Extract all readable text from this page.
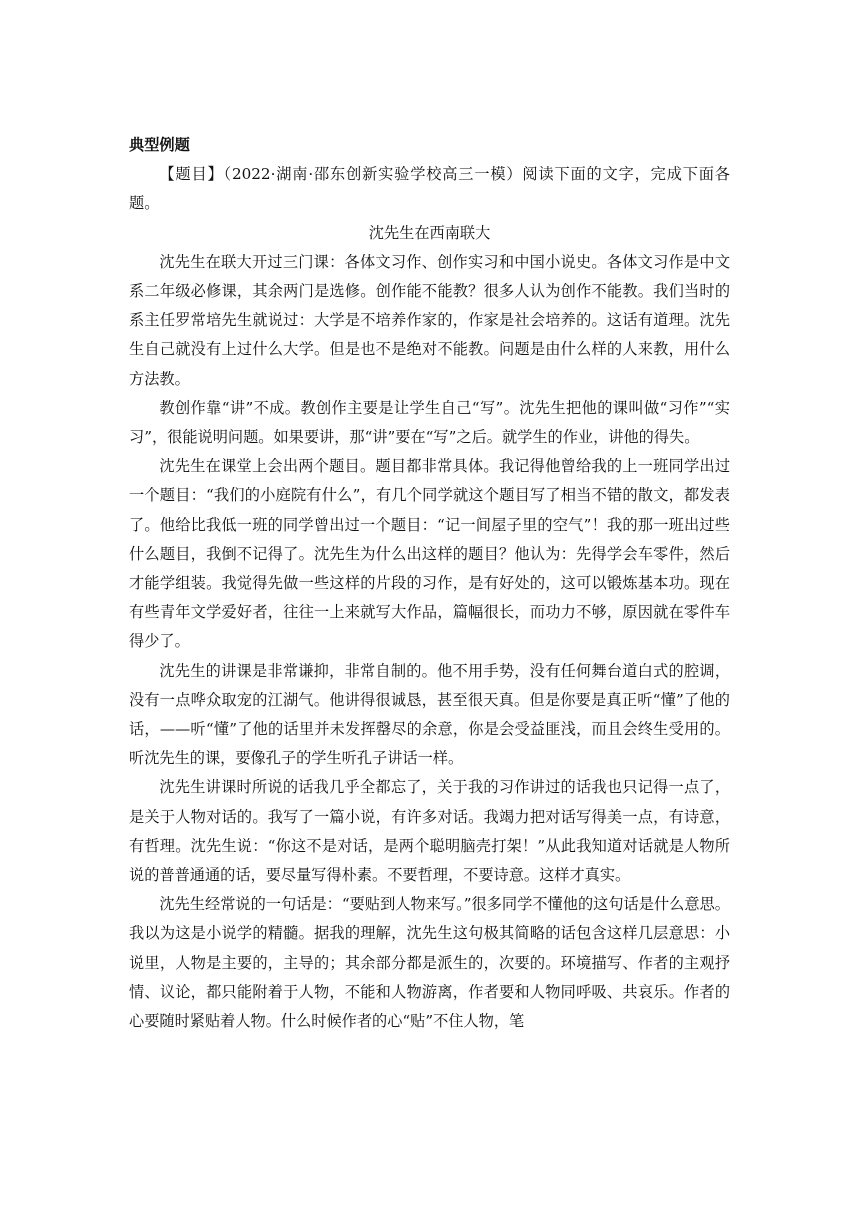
典型例题

【题目】（2022·湖南·邵东创新实验学校高三一模）阅读下面的文字，完成下面各题。

沈先生在西南联大

沈先生在联大开过三门课：各体文习作、创作实习和中国小说史。各体文习作是中文系二年级必修课，其余两门是选修。创作能不能教？很多人认为创作不能教。我们当时的系主任罗常培先生就说过：大学是不培养作家的，作家是社会培养的。这话有道理。沈先生自己就没有上过什么大学。但是也不是绝对不能教。问题是由什么样的人来教，用什么方法教。

教创作靠“讲”不成。教创作主要是让学生自己“写”。沈先生把他的课叫做“习作”“实习”，很能说明问题。如果要讲，那“讲”要在“写”之后。就学生的作业，讲他的得失。

沈先生在课堂上会出两个题目。题目都非常具体。我记得他曾给我的上一班同学出过一个题目：“我们的小庭院有什么”，有几个同学就这个题目写了相当不错的散文，都发表了。他给比我低一班的同学曾出过一个题目：“记一间屋子里的空气”！我的那一班出过些什么题目，我倒不记得了。沈先生为什么出这样的题目？他认为：先得学会车零件，然后才能学组装。我觉得先做一些这样的片段的习作，是有好处的，这可以锻炼基本功。现在有些青年文学爱好者，往往一上来就写大作品，篇幅很长，而功力不够，原因就在零件车得少了。

沈先生的讲课是非常谦抑，非常自制的。他不用手势，没有任何舞台道白式的腔调，没有一点哗众取宠的江湖气。他讲得很诚恳，甚至很天真。但是你要是真正听“懂”了他的话，——听“懂”了他的话里并未发挥罄尽的余意，你是会受益匪浅，而且会终生受用的。听沈先生的课，要像孔子的学生听孔子讲话一样。

沈先生讲课时所说的话我几乎全都忘了，关于我的习作讲过的话我也只记得一点了，是关于人物对话的。我写了一篇小说，有许多对话。我竭力把对话写得美一点，有诗意，有哲理。沈先生说：“你这不是对话，是两个聪明脑壳打架！”从此我知道对话就是人物所说的普普通通的话，要尽量写得朴素。不要哲理，不要诗意。这样才真实。

沈先生经常说的一句话是：“要贴到人物来写。”很多同学不懂他的这句话是什么意思。我以为这是小说学的精髓。据我的理解，沈先生这句极其简略的话包含这样几层意思：小说里，人物是主要的，主导的；其余部分都是派生的，次要的。环境描写、作者的主观抒情、议论，都只能附着于人物，不能和人物游离，作者要和人物同呼吸、共哀乐。作者的心要随时紧贴着人物。什么时候作者的心“贴”不住人物，笔
